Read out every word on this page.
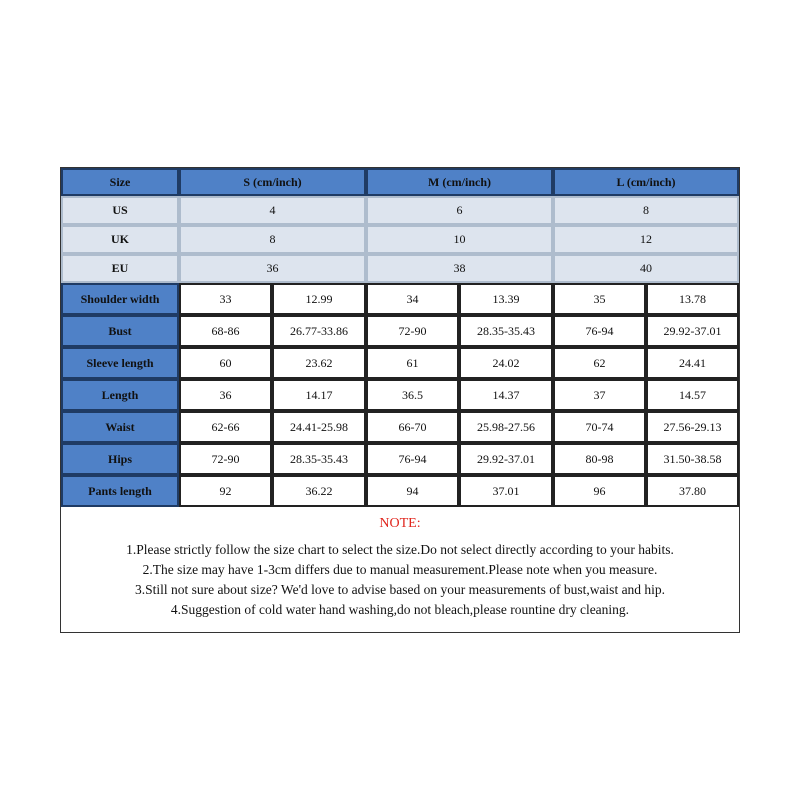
Size	S (cm/inch)		M (cm/inch)		L (cm/inch)	
US	4		6		8	
UK	8		10		12	
EU	36		38		40	
Shoulder width	33	12.99	34	13.39	35	13.78
Bust	68-86	26.77-33.86	72-90	28.35-35.43	76-94	29.92-37.01
Sleeve length	60	23.62	61	24.02	62	24.41
Length	36	14.17	36.5	14.37	37	14.57
Waist	62-66	24.41-25.98	66-70	25.98-27.56	70-74	27.56-29.13
Hips	72-90	28.35-35.43	76-94	29.92-37.01	80-98	31.50-38.58
Pants length	92	36.22	94	37.01	96	37.80
NOTE:
1.Please strictly follow the size chart to select the size.Do not select directly according to your habits.
2.The size may have 1-3cm differs due to manual measurement.Please note when you measure.
3.Still not sure about size? We'd love to advise based on your measurements of bust,waist and hip.
4.Suggestion of cold water hand washing,do not bleach,please rountine dry cleaning.
